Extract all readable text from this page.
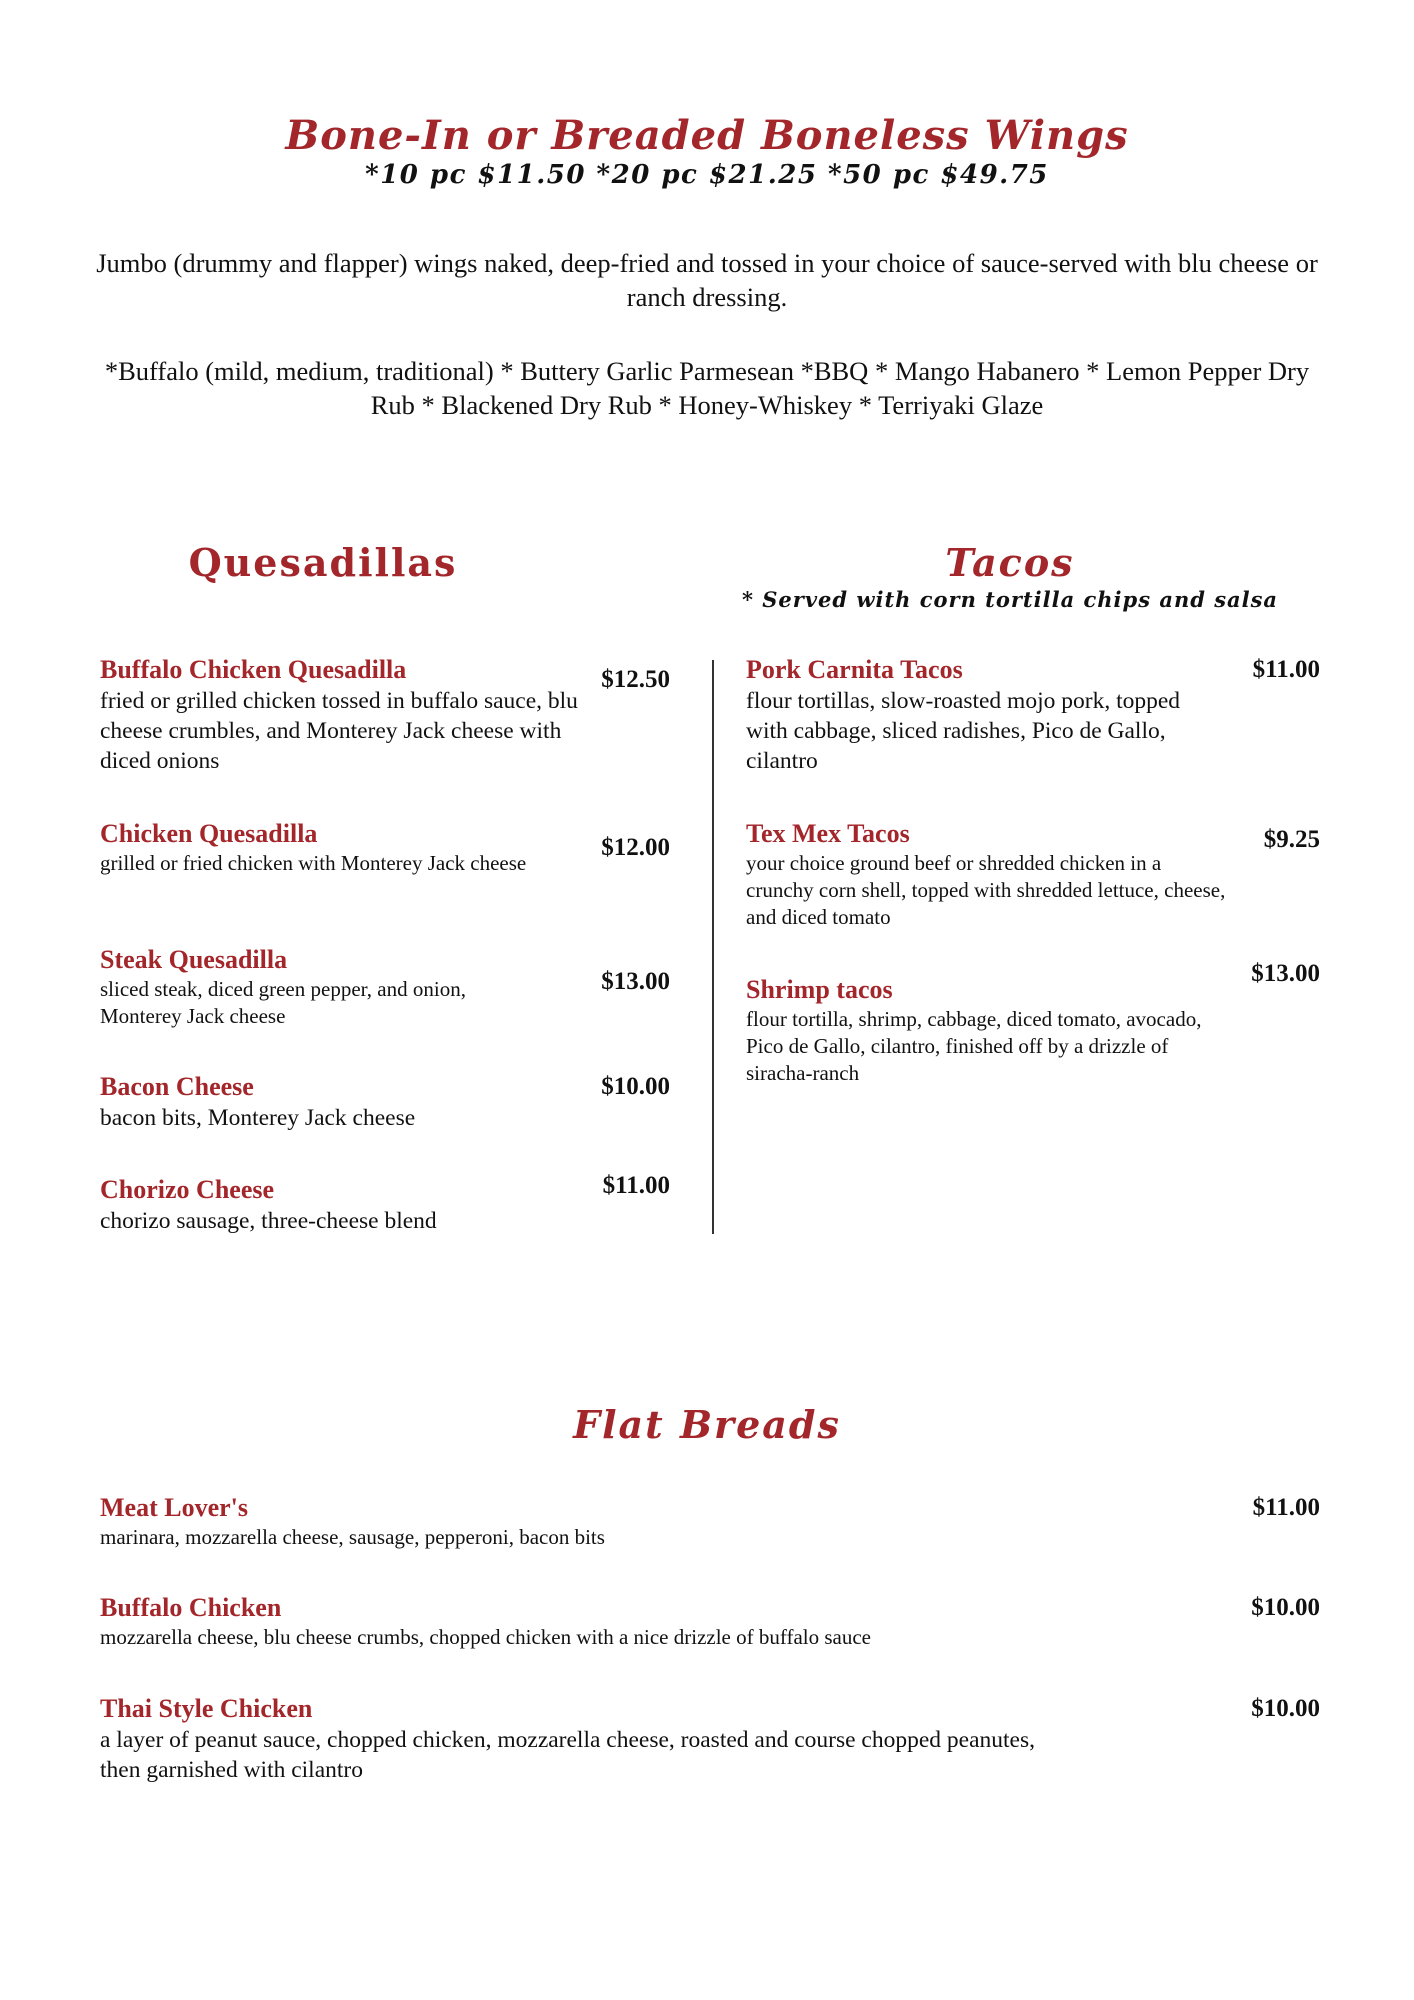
Bone-In or Breaded Boneless Wings
*10 pc $11.50 *20 pc $21.25 *50 pc $49.75
Jumbo (drummy and flapper) wings naked, deep-fried and tossed in your choice of sauce-served with blu cheese or ranch dressing.
*Buffalo (mild, medium, traditional) * Buttery Garlic Parmesean *BBQ * Mango Habanero * Lemon Pepper Dry Rub * Blackened Dry Rub * Honey-Whiskey * Terriyaki Glaze
Quesadillas
Buffalo Chicken Quesadilla
fried or grilled chicken tossed in buffalo sauce, blu cheese crumbles, and Monterey Jack cheese with diced onions
$12.50
Chicken Quesadilla
grilled or fried chicken with Monterey Jack cheese
$12.00
Steak Quesadilla
sliced steak, diced green pepper, and onion, Monterey Jack cheese
$13.00
Bacon Cheese
bacon bits, Monterey Jack cheese
$10.00
Chorizo Cheese
chorizo sausage, three-cheese blend
$11.00
Tacos
* Served with corn tortilla chips and salsa
Pork Carnita Tacos
flour tortillas, slow-roasted mojo pork, topped with cabbage, sliced radishes, Pico de Gallo, cilantro
$11.00
Tex Mex Tacos
your choice ground beef or shredded chicken in a crunchy corn shell, topped with shredded lettuce, cheese, and diced tomato
$9.25
Shrimp tacos
flour tortilla, shrimp, cabbage, diced tomato, avocado, Pico de Gallo, cilantro, finished off by a drizzle of siracha-ranch
$13.00
Flat Breads
Meat Lover's
marinara, mozzarella cheese, sausage, pepperoni, bacon bits
$11.00
Buffalo Chicken
mozzarella cheese, blu cheese crumbs, chopped chicken with a nice drizzle of buffalo sauce
$10.00
Thai Style Chicken
a layer of peanut sauce, chopped chicken, mozzarella cheese, roasted and course chopped peanutes, then garnished with cilantro
$10.00
